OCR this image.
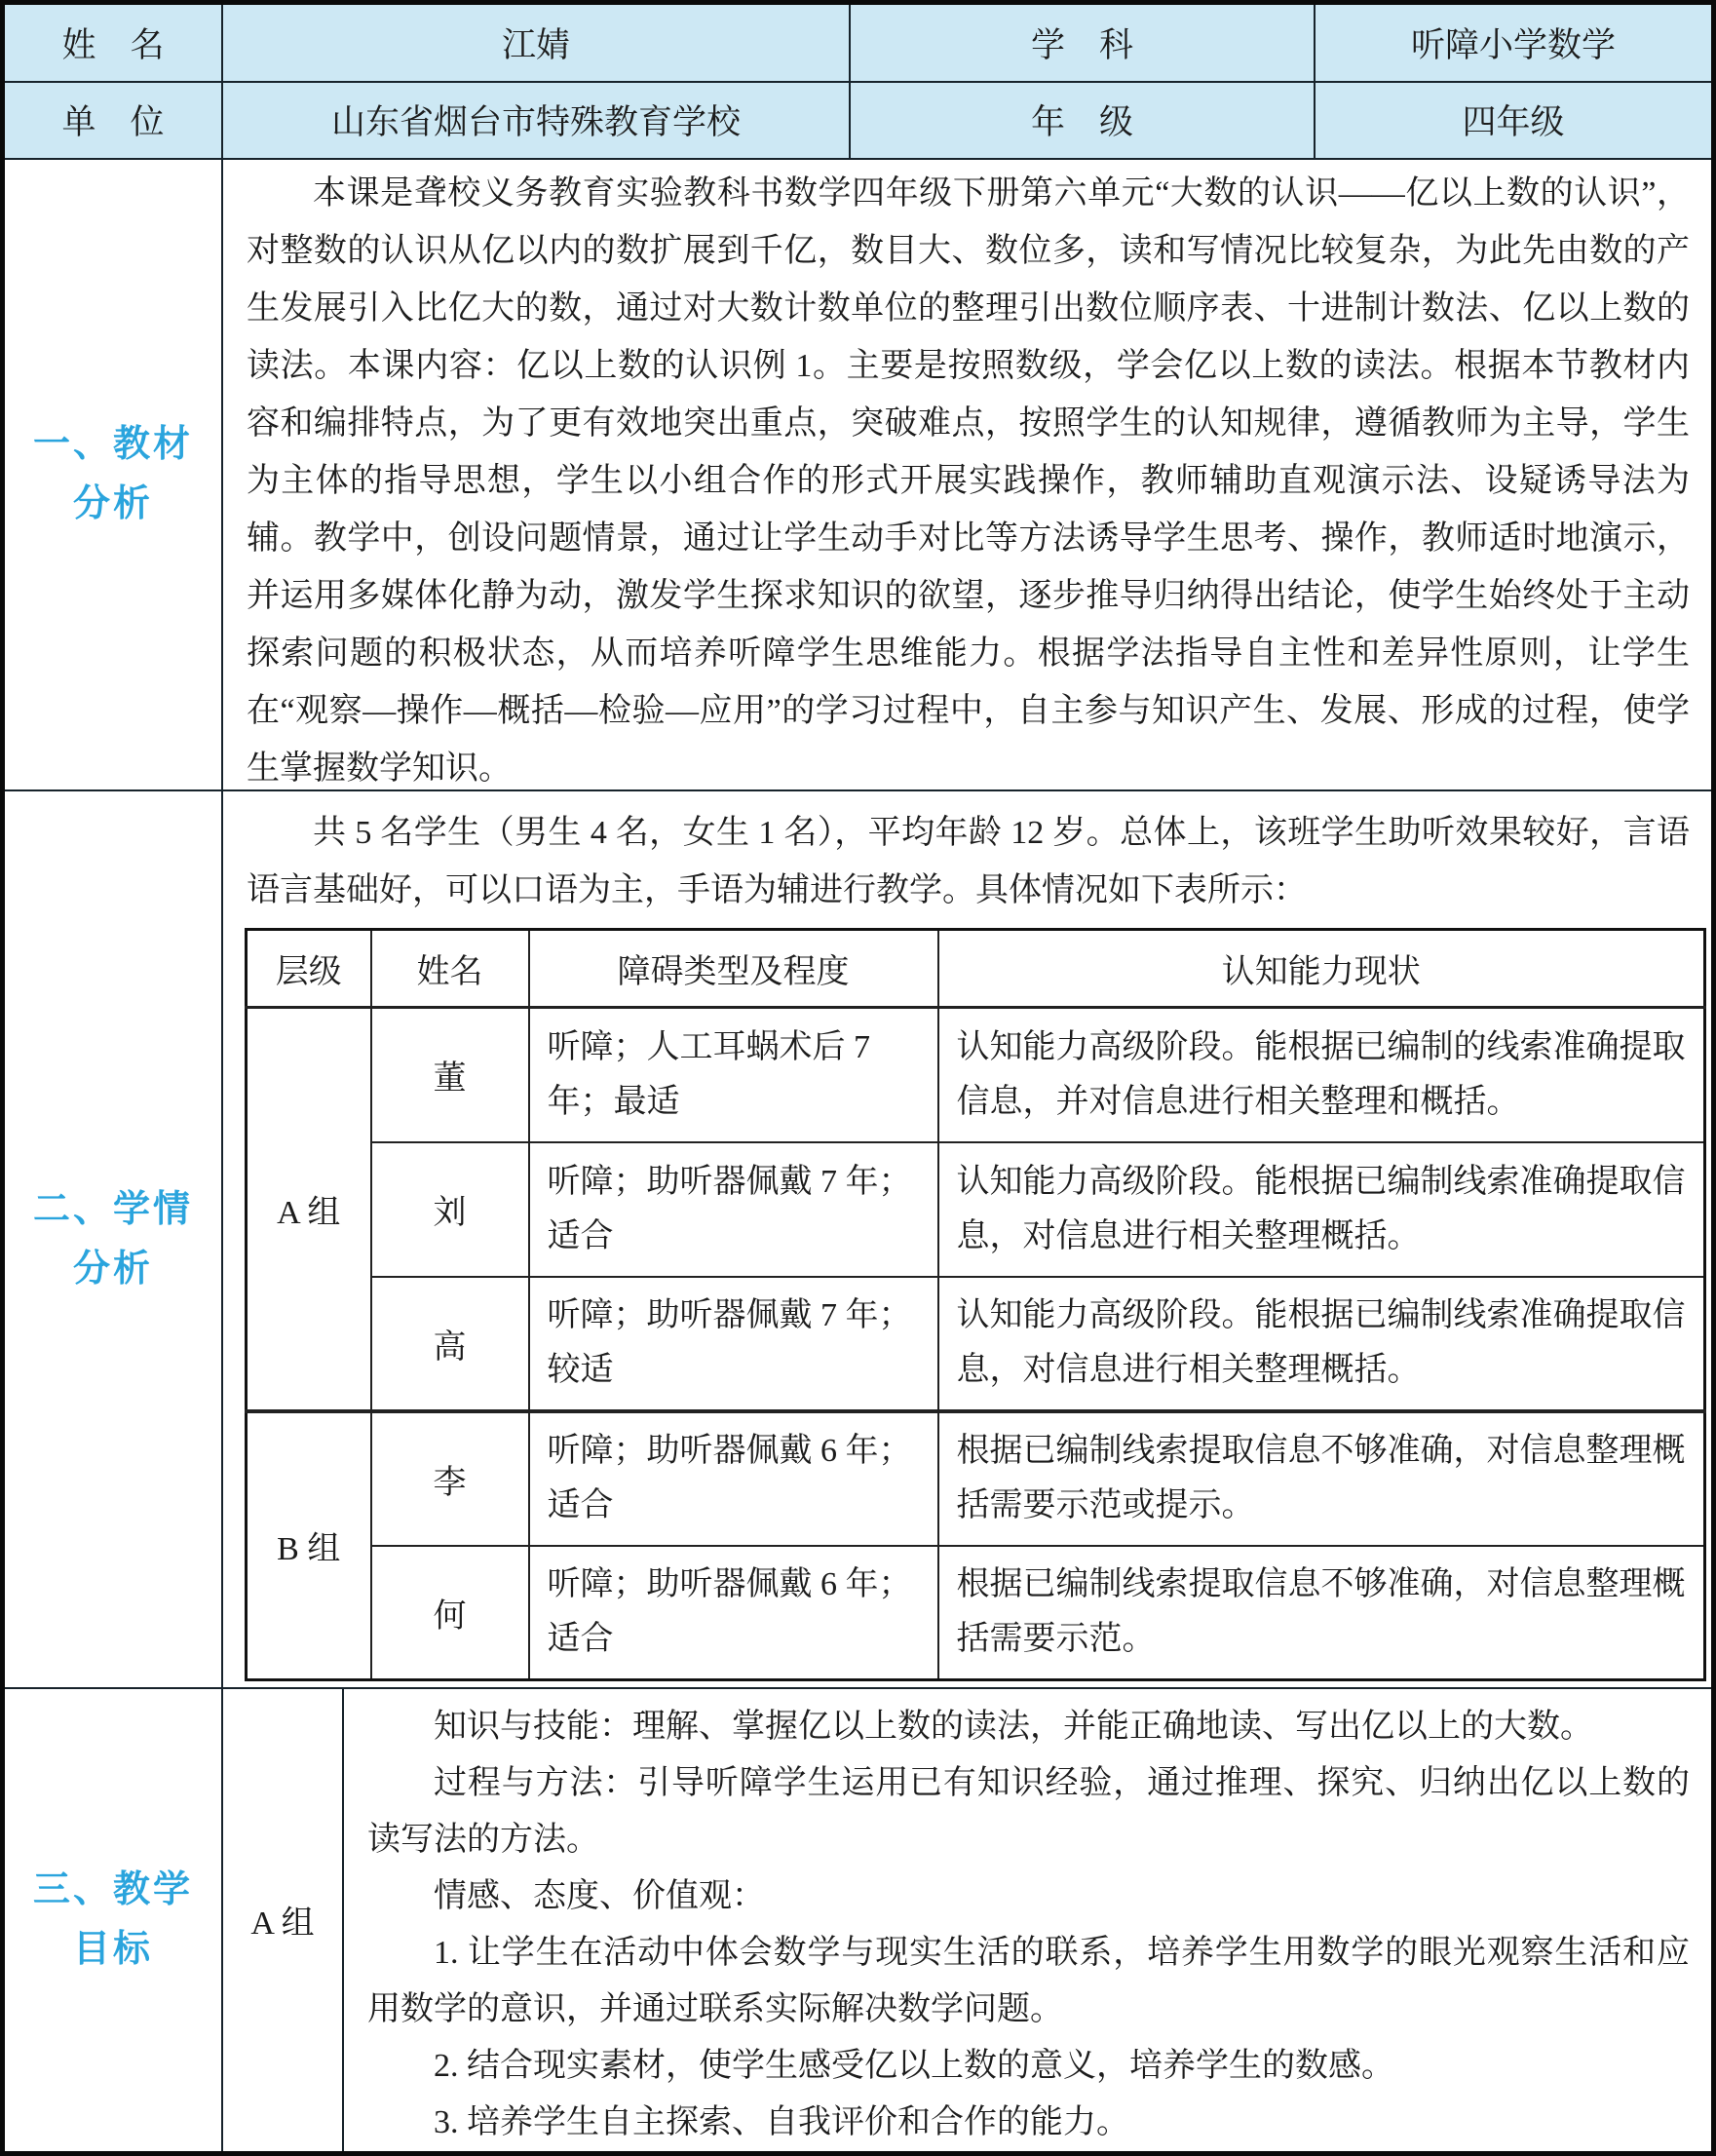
姓　名	江婧	学　科	听障小学数学
单　位	山东省烟台市特殊教育学校	年　级	四年级
一、教材
分析

本课是聋校义务教育实验教科书数学四年级下册第六单元“大数的认识——亿以上数的认识”，对整数的认识从亿以内的数扩展到千亿，数目大、数位多，读和写情况比较复杂，为此先由数的产生发展引入比亿大的数，通过对大数计数单位的整理引出数位顺序表、十进制计数法、亿以上数的读法。本课内容：亿以上数的认识例 1。主要是按照数级，学会亿以上数的读法。根据本节教材内容和编排特点，为了更有效地突出重点，突破难点，按照学生的认知规律，遵循教师为主导，学生为主体的指导思想，学生以小组合作的形式开展实践操作，教师辅助直观演示法、设疑诱导法为辅。教学中，创设问题情景，通过让学生动手对比等方法诱导学生思考、操作，教师适时地演示，并运用多媒体化静为动，激发学生探求知识的欲望，逐步推导归纳得出结论，使学生始终处于主动探索问题的积极状态，从而培养听障学生思维能力。根据学法指导自主性和差异性原则，让学生在“观察—操作—概括—检验—应用”的学习过程中，自主参与知识产生、发展、形成的过程，使学生掌握数学知识。

二、学情
分析

共 5 名学生（男生 4 名，女生 1 名），平均年龄 12 岁。总体上，该班学生助听效果较好，言语语言基础好，可以口语为主，手语为辅进行教学。具体情况如下表所示：

层级	姓名	障碍类型及程度	认知能力现状
A 组	董	听障；人工耳蜗术后 7 年；最适	认知能力高级阶段。能根据已编制的线索准确提取信息，并对信息进行相关整理和概括。
	刘	听障；助听器佩戴 7 年；适合	认知能力高级阶段。能根据已编制线索准确提取信息，对信息进行相关整理概括。
	高	听障；助听器佩戴 7 年；较适	认知能力高级阶段。能根据已编制线索准确提取信息，对信息进行相关整理概括。
B 组	李	听障；助听器佩戴 6 年；适合	根据已编制线索提取信息不够准确，对信息整理概括需要示范或提示。
	何	听障；助听器佩戴 6 年；适合	根据已编制线索提取信息不够准确，对信息整理概括需要示范。
三、教学
目标
A 组

知识与技能：理解、掌握亿以上数的读法，并能正确地读、写出亿以上的大数。

过程与方法：引导听障学生运用已有知识经验，通过推理、探究、归纳出亿以上数的读写法的方法。

情感、态度、价值观：

1. 让学生在活动中体会数学与现实生活的联系，培养学生用数学的眼光观察生活和应用数学的意识，并通过联系实际解决数学问题。

2. 结合现实素材，使学生感受亿以上数的意义，培养学生的数感。

3. 培养学生自主探索、自我评价和合作的能力。
